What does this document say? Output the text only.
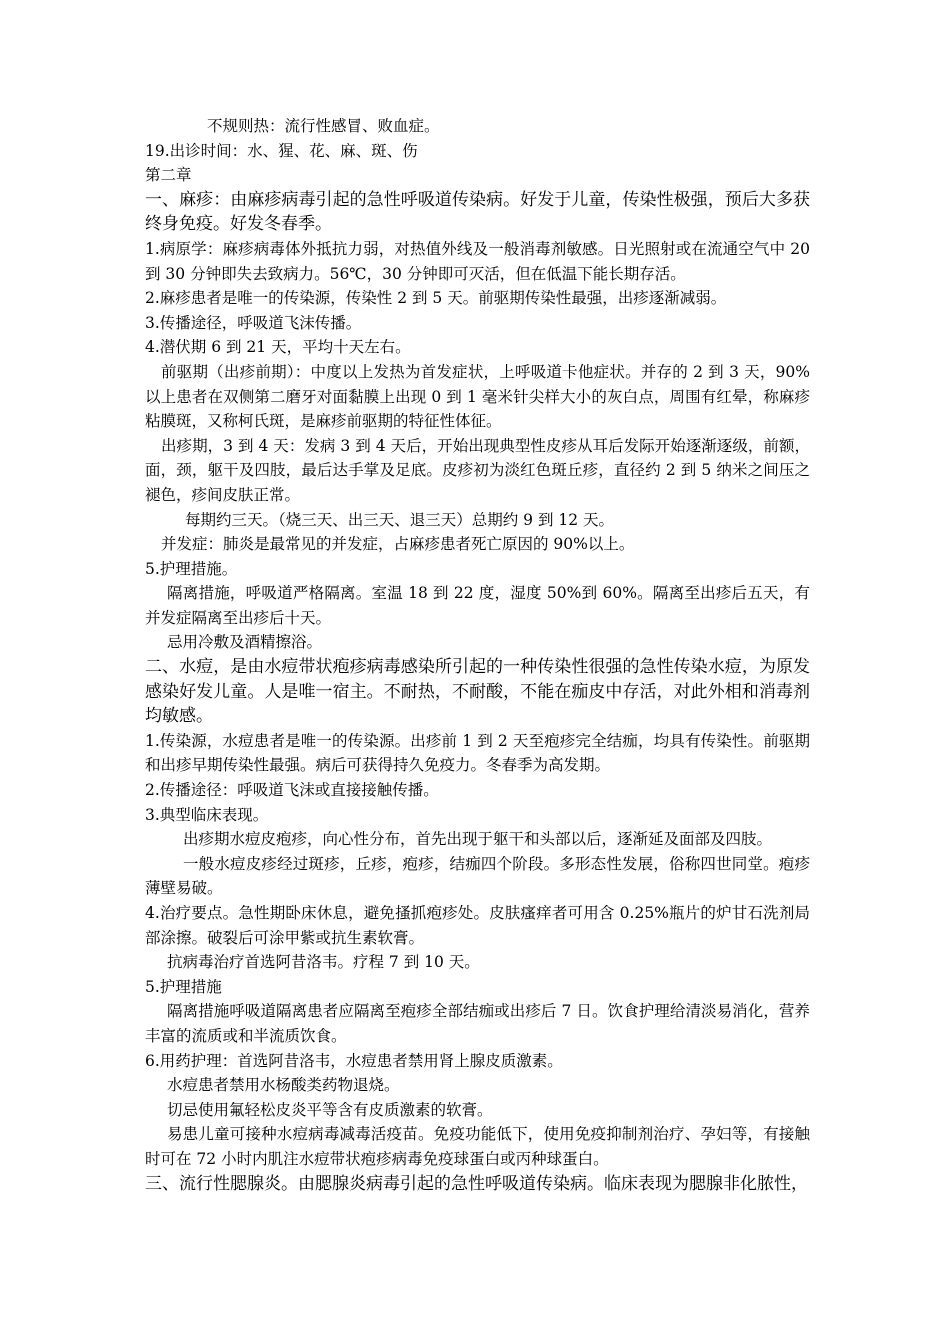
不规则热：流行性感冒、败血症。

19.出诊时间：水、猩、花、麻、斑、伤

第二章

一、麻疹：由麻疹病毒引起的急性呼吸道传染病。好发于儿童，传染性极强，预后大多获终身免疫。好发冬春季。

1.病原学：麻疹病毒体外抵抗力弱，对热值外线及一般消毒剂敏感。日光照射或在流通空气中 20 到 30 分钟即失去致病力。56℃，30 分钟即可灭活，但在低温下能长期存活。

2.麻疹患者是唯一的传染源，传染性 2 到 5 天。前驱期传染性最强，出疹逐渐减弱。

3.传播途径，呼吸道飞沫传播。

4.潜伏期 6 到 21 天，平均十天左右。

前驱期（出疹前期）：中度以上发热为首发症状，上呼吸道卡他症状。并存的 2 到 3 天，90%以上患者在双侧第二磨牙对面黏膜上出现 0 到 1 毫米针尖样大小的灰白点，周围有红晕，称麻疹粘膜斑，又称柯氏斑，是麻疹前驱期的特征性体征。

出疹期，3 到 4 天：发病 3 到 4 天后，开始出现典型性皮疹从耳后发际开始逐渐逐级，前额，面，颈，躯干及四肢，最后达手掌及足底。皮疹初为淡红色斑丘疹，直径约 2 到 5 纳米之间压之褪色，疹间皮肤正常。

每期约三天。（烧三天、出三天、退三天）总期约 9 到 12 天。

并发症：肺炎是最常见的并发症，占麻疹患者死亡原因的 90%以上。

5.护理措施。

隔离措施，呼吸道严格隔离。室温 18 到 22 度，湿度 50%到 60%。隔离至出疹后五天，有并发症隔离至出疹后十天。

忌用冷敷及酒精擦浴。

二、水痘，是由水痘带状疱疹病毒感染所引起的一种传染性很强的急性传染水痘，为原发感染好发儿童。人是唯一宿主。不耐热，不耐酸，不能在痂皮中存活，对此外相和消毒剂均敏感。

1.传染源，水痘患者是唯一的传染源。出疹前 1 到 2 天至疱疹完全结痂，均具有传染性。前驱期和出疹早期传染性最强。病后可获得持久免疫力。冬春季为高发期。

2.传播途径：呼吸道飞沫或直接接触传播。

3.典型临床表现。

出疹期水痘皮疱疹，向心性分布，首先出现于躯干和头部以后，逐渐延及面部及四肢。

一般水痘皮疹经过斑疹，丘疹，疱疹，结痂四个阶段。多形态性发展，俗称四世同堂。疱疹薄壁易破。

4.治疗要点。急性期卧床休息，避免搔抓疱疹处。皮肤瘙痒者可用含 0.25%瓶片的炉甘石洗剂局部涂擦。破裂后可涂甲紫或抗生素软膏。

抗病毒治疗首选阿昔洛韦。疗程 7 到 10 天。

5.护理措施

隔离措施呼吸道隔离患者应隔离至疱疹全部结痂或出疹后 7 日。饮食护理给清淡易消化，营养丰富的流质或和半流质饮食。

6.用药护理：首选阿昔洛韦，水痘患者禁用肾上腺皮质激素。

水痘患者禁用水杨酸类药物退烧。

切忌使用氟轻松皮炎平等含有皮质激素的软膏。

易患儿童可接种水痘病毒减毒活疫苗。免疫功能低下，使用免疫抑制剂治疗、孕妇等，有接触时可在 72 小时内肌注水痘带状疱疹病毒免疫球蛋白或丙种球蛋白。

三、流行性腮腺炎。由腮腺炎病毒引起的急性呼吸道传染病。临床表现为腮腺非化脓性，
